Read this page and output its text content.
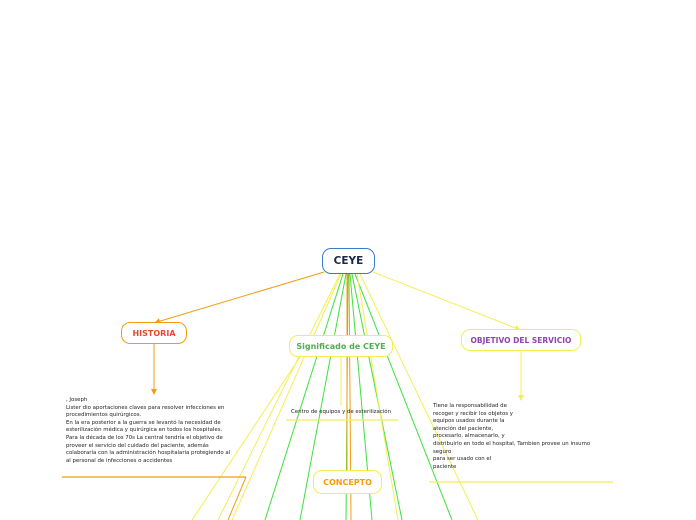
CEYE
HISTORIA
Significado de CEYE
OBJETIVO DEL SERVICIO
CONCEPTO
, Joseph
Lister dio aportaciones claves para resolver infecciones en
procedimientos quirúrgicos.
En la era posterior a la guerra se levantó la necesidad de
esterilización médica y quirúrgica en todos los hospitales.
Para la década de los 70s La central tendría el objetivo de
proveer el servicio del cuidado del paciente, además
colaboraría con la administración hospitalaria protegiendo al
al personal de infecciones o accidentes
Centro de equipos y de esterilización
Tiene la responsabilidad de
recoger y recibir los objetos y
equipos usados durante la
atención del paciente,
procesarlo, almacenarlo, y
distribuirlo en todo el hospital, Tambien provee un insumo
seguro
para ser usado con el
paciente
